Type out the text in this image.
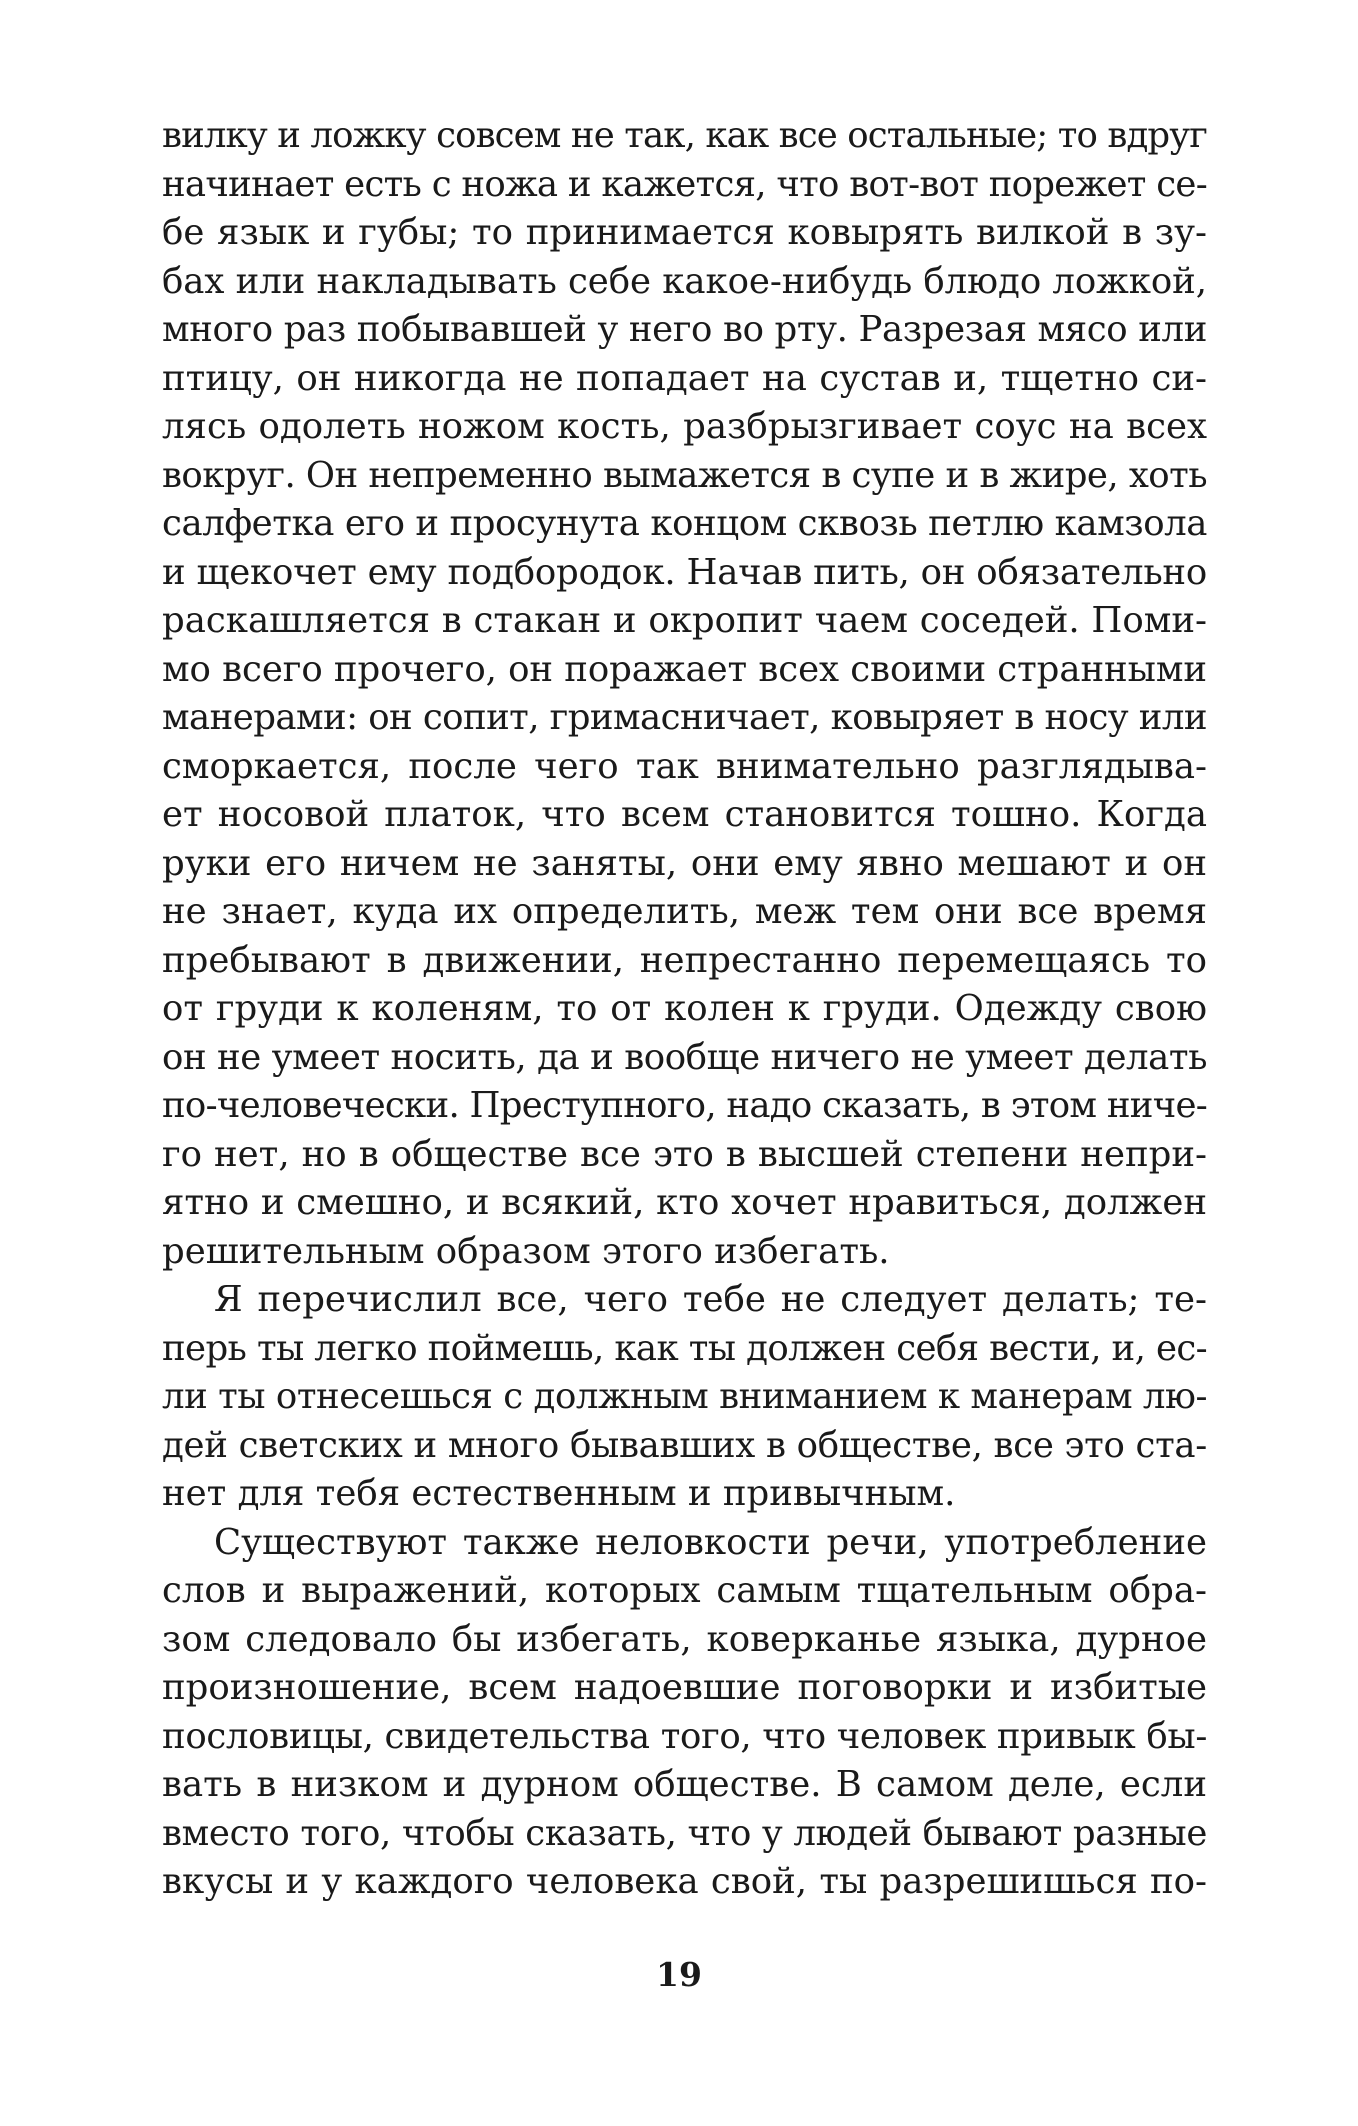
вилку и ложку совсем не так, как все остальные; то вдруг
начинает есть с ножа и кажется, что вот-вот порежет се-
бе язык и губы; то принимается ковырять вилкой в зу-
бах или накладывать себе какое-нибудь блюдо ложкой,
много раз побывавшей у него во рту. Разрезая мясо или
птицу, он никогда не попадает на сустав и, тщетно си-
лясь одолеть ножом кость, разбрызгивает соус на всех
вокруг. Он непременно вымажется в супе и в жире, хоть
салфетка его и просунута концом сквозь петлю камзола
и щекочет ему подбородок. Начав пить, он обязательно
раскашляется в стакан и окропит чаем соседей. Поми-
мо всего прочего, он поражает всех своими странными
манерами: он сопит, гримасничает, ковыряет в носу или
сморкается, после чего так внимательно разглядыва-
ет носовой платок, что всем становится тошно. Когда
руки его ничем не заняты, они ему явно мешают и он
не знает, куда их определить, меж тем они все время
пребывают в движении, непрестанно перемещаясь то
от груди к коленям, то от колен к груди. Одежду свою
он не умеет носить, да и вообще ничего не умеет делать
по-человечески. Преступного, надо сказать, в этом ниче-
го нет, но в обществе все это в высшей степени непри-
ятно и смешно, и всякий, кто хочет нравиться, должен
решительным образом этого избегать.
Я перечислил все, чего тебе не следует делать; те-
перь ты легко поймешь, как ты должен себя вести, и, ес-
ли ты отнесешься с должным вниманием к манерам лю-
дей светских и много бывавших в обществе, все это ста-
нет для тебя естественным и привычным.
Существуют также неловкости речи, употребление
слов и выражений, которых самым тщательным обра-
зом следовало бы избегать, коверканье языка, дурное
произношение, всем надоевшие поговорки и избитые
пословицы, свидетельства того, что человек привык бы-
вать в низком и дурном обществе. В самом деле, если
вместо того, чтобы сказать, что у людей бывают разные
вкусы и у каждого человека свой, ты разрешишься по-
19
